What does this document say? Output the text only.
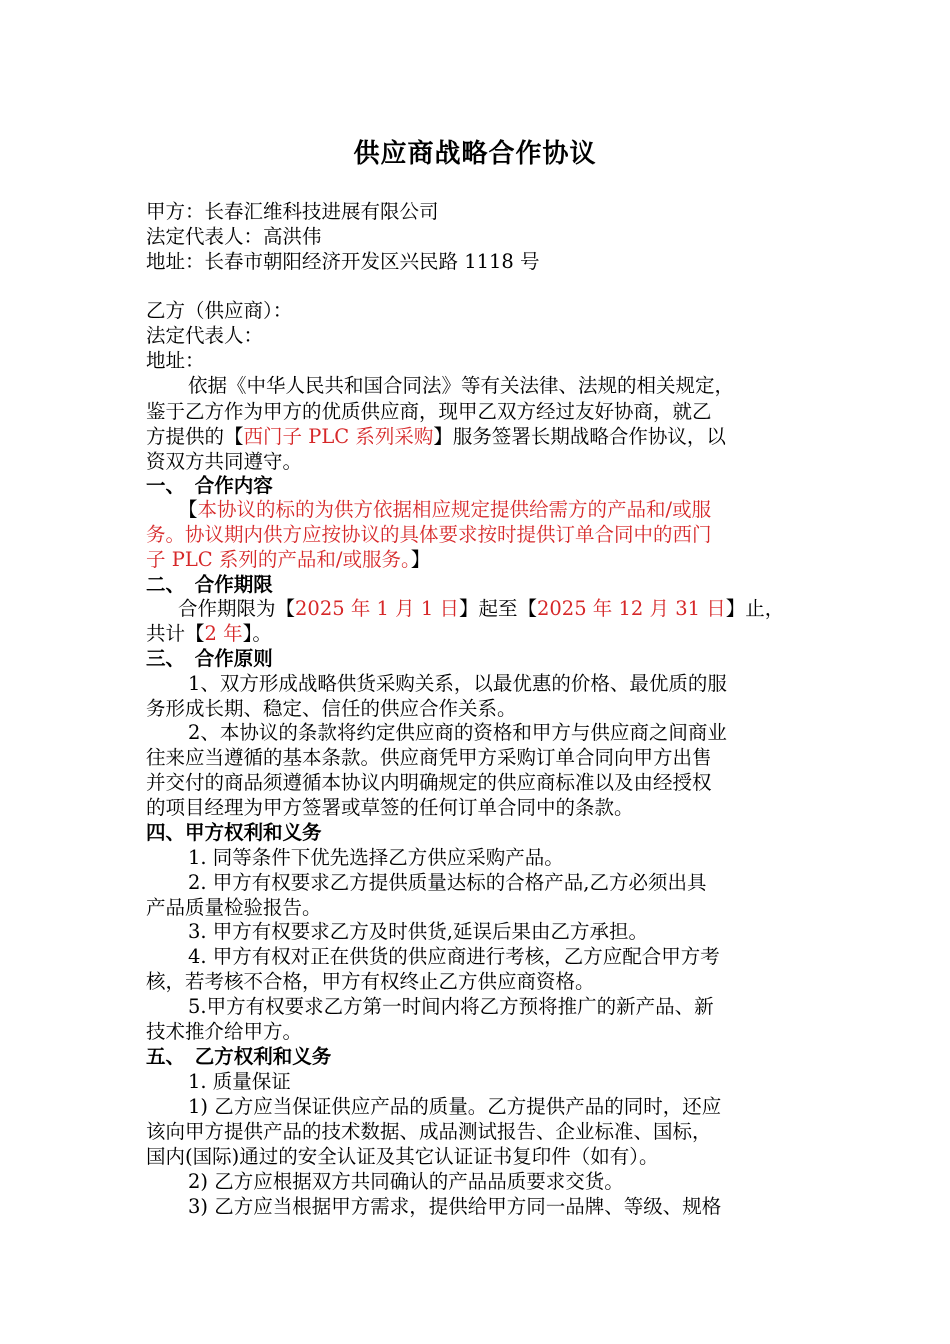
供应商战略合作协议
甲方：长春汇维科技进展有限公司
法定代表人：高洪伟
地址：长春市朝阳经济开发区兴民路 1118 号
乙方（供应商）：
法定代表人：
地址：
依据《中华人民共和国合同法》等有关法律、法规的相关规定，
鉴于乙方作为甲方的优质供应商，现甲乙双方经过友好协商，就乙
方提供的【西门子 PLC 系列采购】服务签署长期战略合作协议，以
资双方共同遵守。
一、　合作内容
【本协议的标的为供方依据相应规定提供给需方的产品和/或服
务。协议期内供方应按协议的具体要求按时提供订单合同中的西门
子 PLC 系列的产品和/或服务。】
二、　合作期限
合作期限为【2025 年 1 月 1 日】起至【2025 年 12 月 31 日】止，
共计【2 年】。
三、　合作原则
1、双方形成战略供货采购关系，以最优惠的价格、最优质的服
务形成长期、稳定、信任的供应合作关系。
2、本协议的条款将约定供应商的资格和甲方与供应商之间商业
往来应当遵循的基本条款。供应商凭甲方采购订单合同向甲方出售
并交付的商品须遵循本协议内明确规定的供应商标准以及由经授权
的项目经理为甲方签署或草签的任何订单合同中的条款。
四、甲方权利和义务
1. 同等条件下优先选择乙方供应采购产品。
2. 甲方有权要求乙方提供质量达标的合格产品,乙方必须出具
产品质量检验报告。
3. 甲方有权要求乙方及时供货,延误后果由乙方承担。
4. 甲方有权对正在供货的供应商进行考核，乙方应配合甲方考
核，若考核不合格，甲方有权终止乙方供应商资格。
5.甲方有权要求乙方第一时间内将乙方预将推广的新产品、新
技术推介给甲方。
五、　乙方权利和义务
1. 质量保证
1) 乙方应当保证供应产品的质量。乙方提供产品的同时，还应
该向甲方提供产品的技术数据、成品测试报告、企业标准、国标，
国内(国际)通过的安全认证及其它认证证书复印件（如有）。
2) 乙方应根据双方共同确认的产品品质要求交货。
3) 乙方应当根据甲方需求，提供给甲方同一品牌、等级、规格
